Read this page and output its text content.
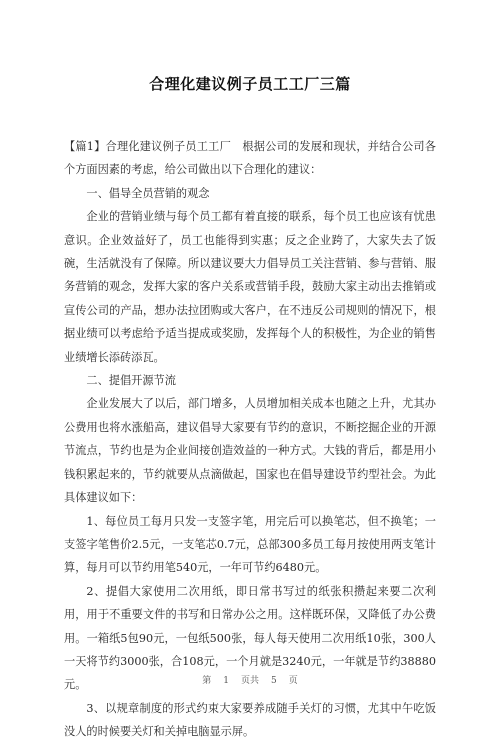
合理化建议例子员工工厂三篇

【篇1】合理化建议例子员工工厂　根据公司的发展和现状，并结合公司各个方面因素的考虑，给公司做出以下合理化的建议：

一、倡导全员营销的观念

企业的营销业绩与每个员工都有着直接的联系，每个员工也应该有忧患意识。企业效益好了，员工也能得到实惠；反之企业跨了，大家失去了饭碗，生活就没有了保障。所以建议要大力倡导员工关注营销、参与营销、服务营销的观念，发挥大家的客户关系或营销手段，鼓励大家主动出去推销或宣传公司的产品，想办法拉团购或大客户，在不违反公司规则的情况下，根据业绩可以考虑给予适当提成或奖励，发挥每个人的积极性，为企业的销售业绩增长添砖添瓦。

二、提倡开源节流

企业发展大了以后，部门增多，人员增加相关成本也随之上升，尤其办公费用也将水涨船高，建议倡导大家要有节约的意识，不断挖掘企业的开源节流点，节约也是为企业间接创造效益的一种方式。大钱的背后，都是用小钱积累起来的，节约就要从点滴做起，国家也在倡导建设节约型社会。为此具体建议如下：

1、每位员工每月只发一支签字笔，用完后可以换笔芯，但不换笔；一支签字笔售价2.5元，一支笔芯0.7元，总部300多员工每月按使用两支笔计算，每月可以节约用笔540元，一年可节约6480元。

2、提倡大家使用二次用纸，即日常书写过的纸张积攒起来要二次利用，用于不重要文件的书写和日常办公之用。这样既环保，又降低了办公费用。一箱纸5包90元，一包纸500张，每人每天使用二次用纸10张，300人一天将节约3000张，合108元，一个月就是3240元，一年就是节约38880元。

3、以规章制度的形式约束大家要养成随手关灯的习惯，尤其中午吃饭没人的时候要关灯和关掉电脑显示屏。

第 1 页共 5 页
